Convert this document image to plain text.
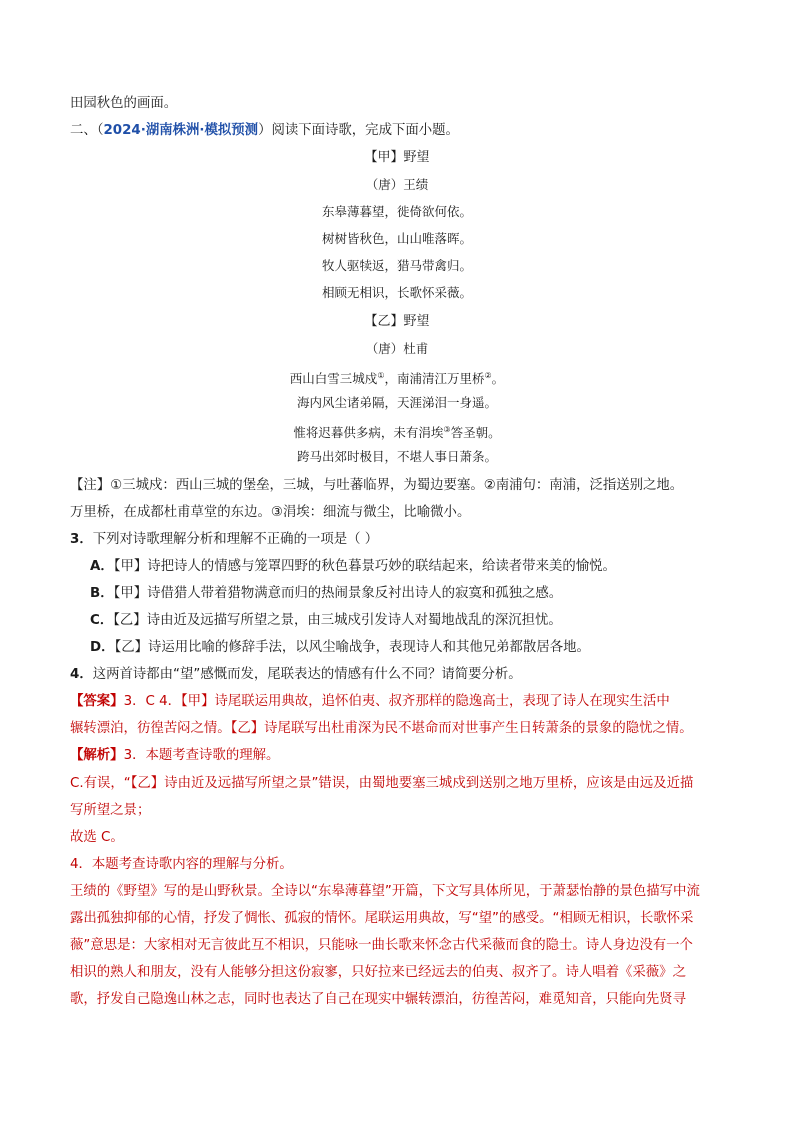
田园秋色的画面。
二、（2024·湖南株洲·模拟预测）阅读下面诗歌，完成下面小题。
【甲】野望
（唐）王绩
东皋薄暮望，徙倚欲何依。
树树皆秋色，山山唯落晖。
牧人驱犊返，猎马带禽归。
相顾无相识，长歌怀采薇。
【乙】野望
（唐）杜甫
西山白雪三城戍①，南浦清江万里桥②。
海内风尘诸弟隔，天涯涕泪一身遥。
惟将迟暮供多病，未有涓埃③答圣朝。
跨马出郊时极目，不堪人事日萧条。
【注】①三城戍：西山三城的堡垒，三城，与吐蕃临界，为蜀边要塞。②南浦句：南浦，泛指送别之地。
万里桥，在成都杜甫草堂的东边。③涓埃：细流与微尘，比喻微小。
3．下列对诗歌理解分析和理解不正确的一项是（ ）
A．【甲】诗把诗人的情感与笼罩四野的秋色暮景巧妙的联结起来，给读者带来美的愉悦。
B．【甲】诗借猎人带着猎物满意而归的热闹景象反衬出诗人的寂寞和孤独之感。
C．【乙】诗由近及远描写所望之景，由三城戍引发诗人对蜀地战乱的深沉担忧。
D．【乙】诗运用比喻的修辞手法，以风尘喻战争，表现诗人和其他兄弟都散居各地。
4．这两首诗都由“望”感慨而发，尾联表达的情感有什么不同？请简要分析。
【答案】3．C 4．【甲】诗尾联运用典故，追怀伯夷、叔齐那样的隐逸高士，表现了诗人在现实生活中
辗转漂泊，彷徨苦闷之情。【乙】诗尾联写出杜甫深为民不堪命而对世事产生日转萧条的景象的隐忧之情。
【解析】3．本题考查诗歌的理解。
C.有误，“【乙】诗由近及远描写所望之景”错误，由蜀地要塞三城戍到送别之地万里桥，应该是由远及近描
写所望之景；
故选 C。
4．本题考查诗歌内容的理解与分析。
王绩的《野望》写的是山野秋景。全诗以“东皋薄暮望”开篇，下文写具体所见，于萧瑟怡静的景色描写中流
露出孤独抑郁的心情，抒发了惆怅、孤寂的情怀。尾联运用典故，写“望”的感受。“相顾无相识，长歌怀采
薇”意思是：大家相对无言彼此互不相识，只能咏一曲长歌来怀念古代采薇而食的隐士。诗人身边没有一个
相识的熟人和朋友，没有人能够分担这份寂寥，只好拉来已经远去的伯夷、叔齐了。诗人唱着《采薇》之
歌，抒发自己隐逸山林之志，同时也表达了自己在现实中辗转漂泊，彷徨苦闷，难觅知音，只能向先贤寻
